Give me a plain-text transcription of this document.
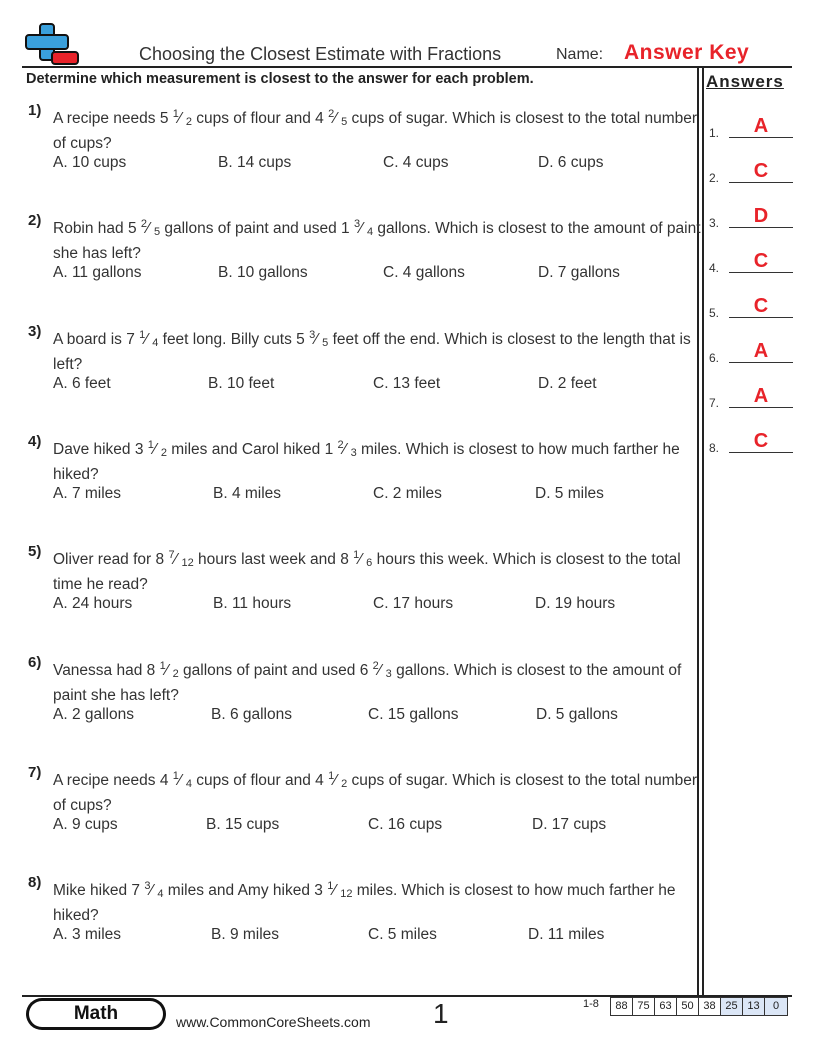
Choosing the Closest Estimate with Fractions	Name: Answer Key
Determine which measurement is closest to the answer for each problem.	Answers
1.	A
2.	C
3.	D
4.	C
5.	C
6.	A
7.	A
8.	C
1) A recipe needs 5 $^1$⁄ $_2$ cups of flour and 4 $^2$⁄ $_5$ cups of sugar. Which is closest to the total number of cups?
A. 10 cups	B. 14 cups	C. 4 cups	D. 6 cups
2) Robin had 5 $^2$⁄ $_5$ gallons of paint and used 1 $^3$⁄ $_4$ gallons. Which is closest to the amount of paint she has left?
A. 11 gallons	B. 10 gallons	C. 4 gallons	D. 7 gallons
3) A board is 7 $^1$⁄ $_4$ feet long. Billy cuts 5 $^3$⁄ $_5$ feet off the end. Which is closest to the length that is left?
A. 6 feet	B. 10 feet	C. 13 feet	D. 2 feet
4) Dave hiked 3 $^1$⁄ $_2$ miles and Carol hiked 1 $^2$⁄ $_3$ miles. Which is closest to how much farther he hiked?
A. 7 miles	B. 4 miles	C. 2 miles	D. 5 miles
5) Oliver read for 8 $^7$⁄ $_{12}$ hours last week and 8 $^1$⁄ $_6$ hours this week. Which is closest to the total time he read?
A. 24 hours	B. 11 hours	C. 17 hours	D. 19 hours
6) Vanessa had 8 $^1$⁄ $_2$ gallons of paint and used 6 $^2$⁄ $_3$ gallons. Which is closest to the amount of paint she has left?
A. 2 gallons	B. 6 gallons	C. 15 gallons	D. 5 gallons
7) A recipe needs 4 $^1$⁄ $_4$ cups of flour and 4 $^1$⁄ $_2$ cups of sugar. Which is closest to the total number of cups?
A. 9 cups	B. 15 cups	C. 16 cups	D. 17 cups
8) Mike hiked 7 $^3$⁄ $_4$ miles and Amy hiked 3 $^1$⁄ $_{12}$ miles. Which is closest to how much farther he hiked?
A. 3 miles	B. 9 miles	C. 5 miles	D. 11 miles
Math	www.CommonCoreSheets.com 1	1-8	88 75 63 50 38 25 13	0
